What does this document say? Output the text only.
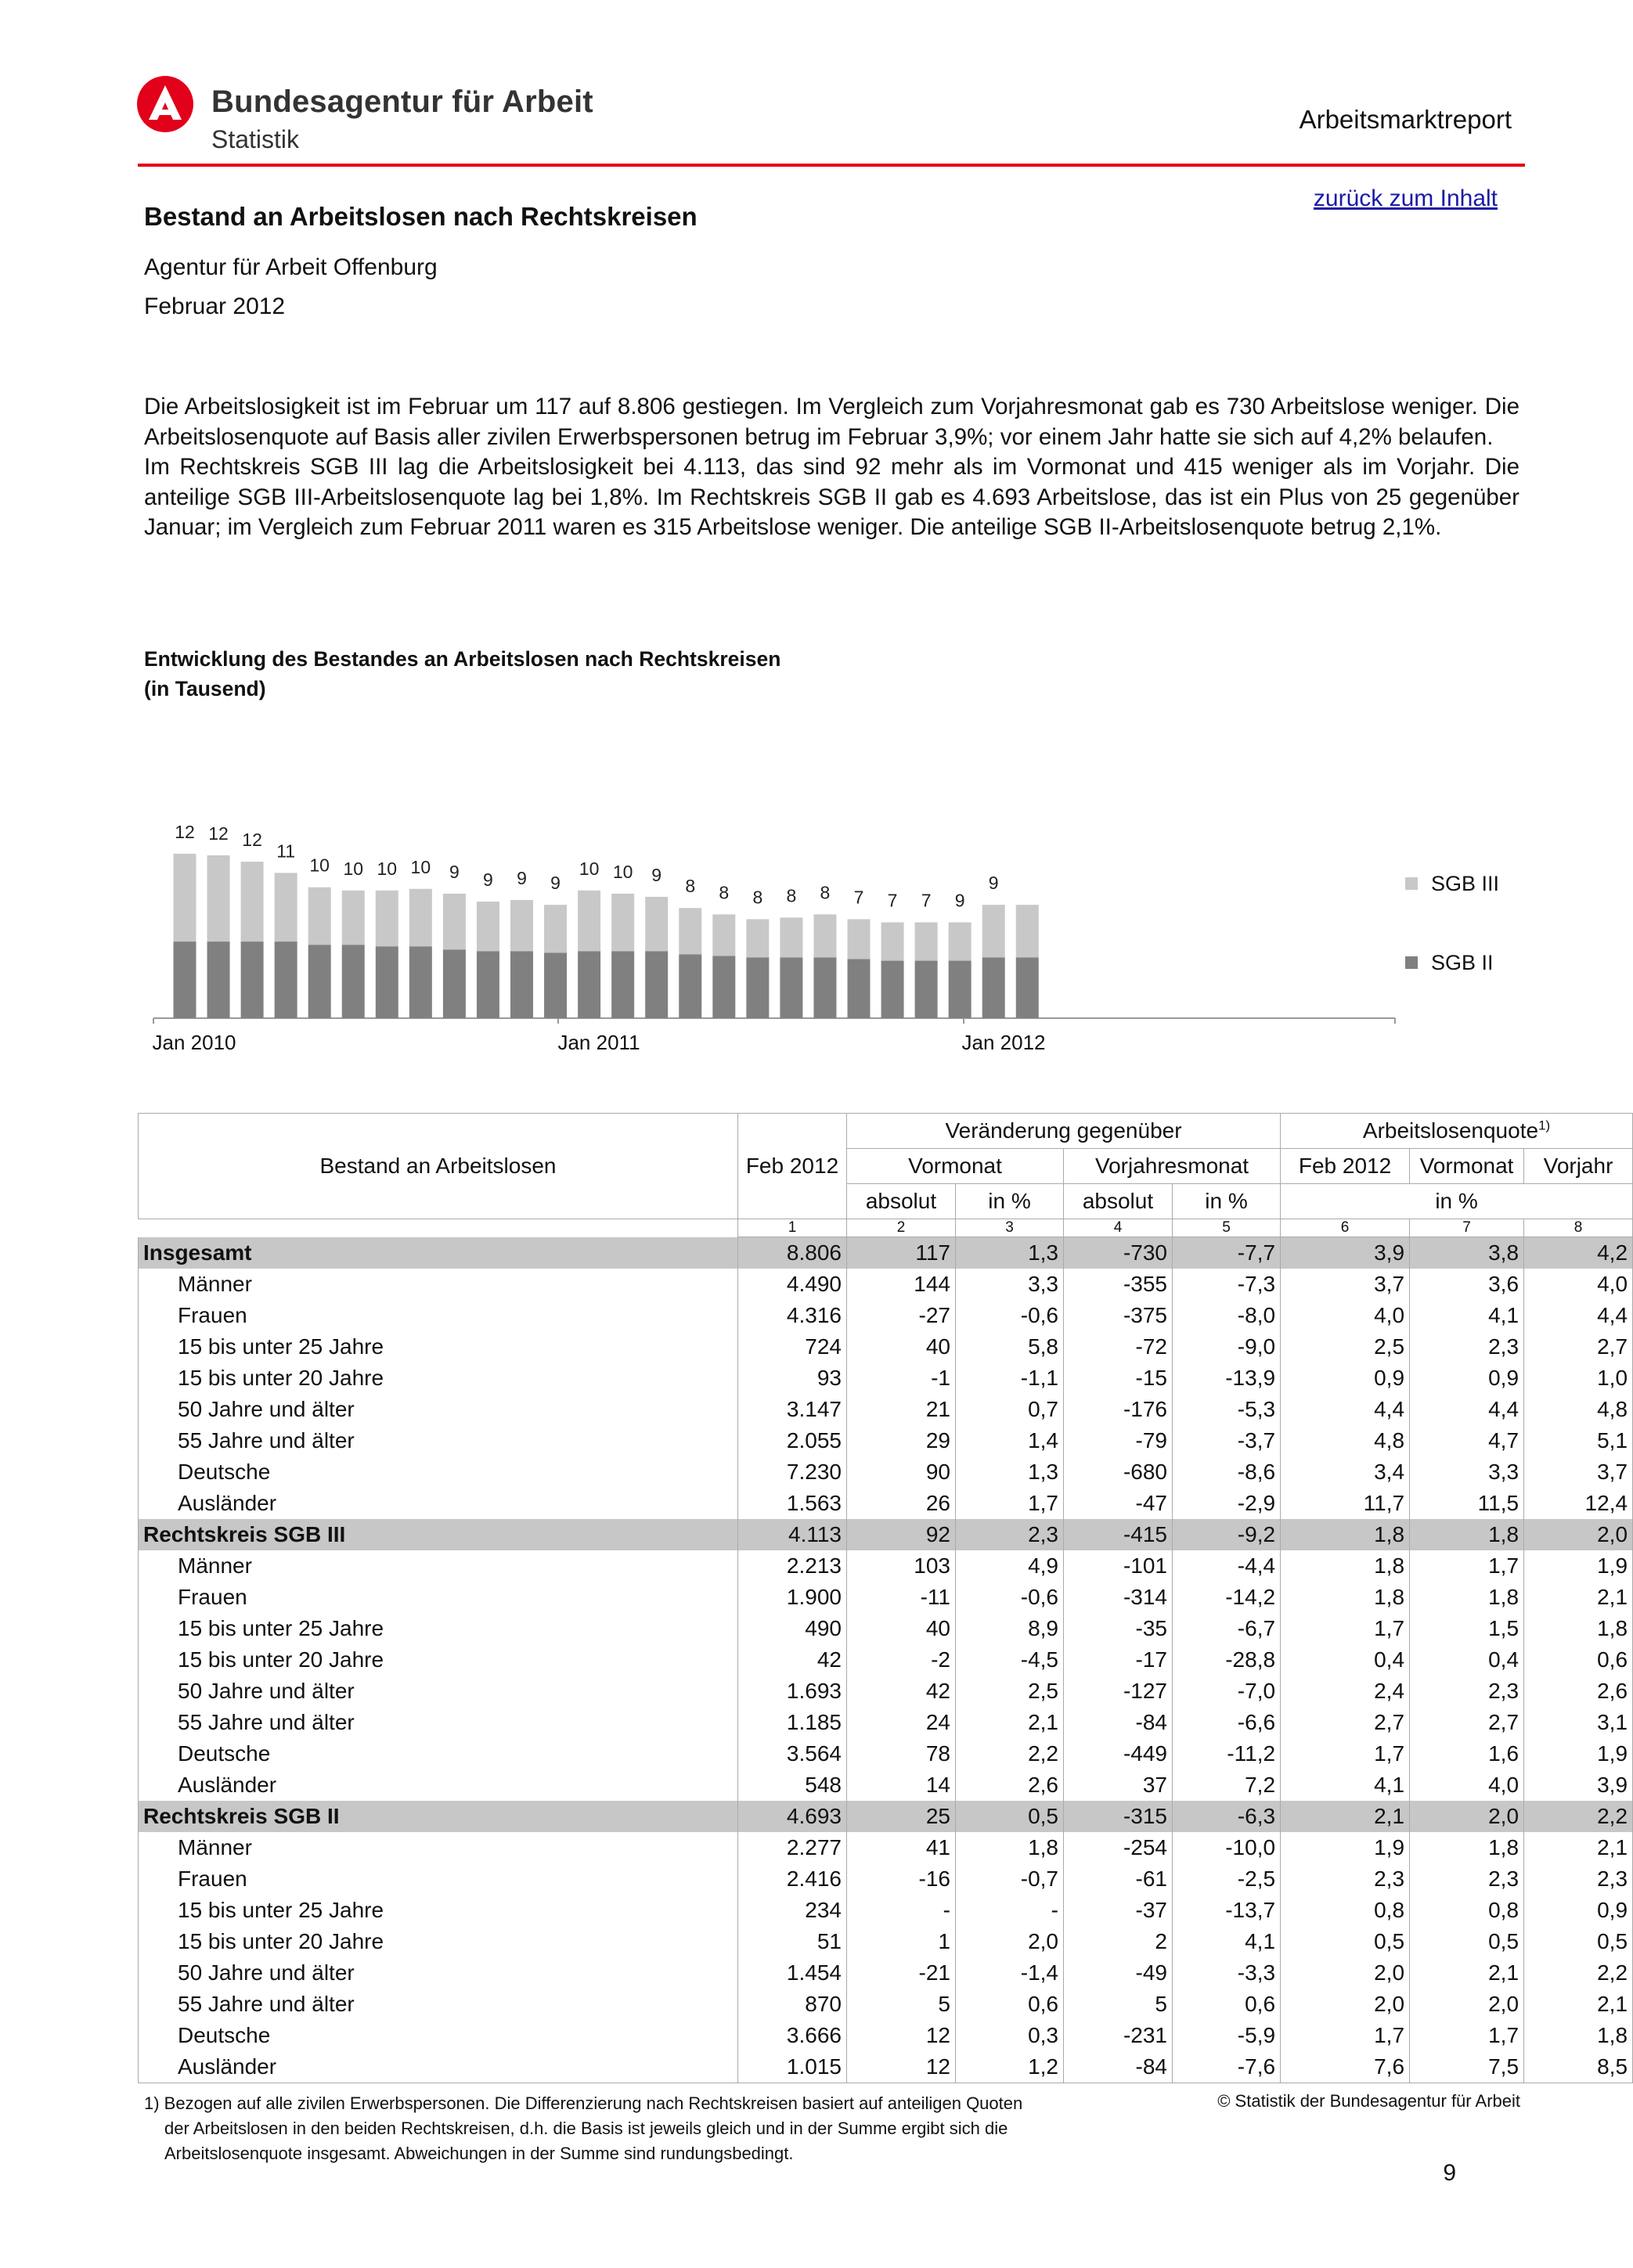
Bundesagentur für Arbeit
Statistik
Arbeitsmarktreport
zurück zum Inhalt
Bestand an Arbeitslosen nach Rechtskreisen
Agentur für Arbeit Offenburg
Februar 2012

Die Arbeitslosigkeit ist im Februar um 117 auf 8.806 gestiegen. Im Vergleich zum Vorjahresmonat gab es 730 Arbeitslose weniger. Die Arbeitslosenquote auf Basis aller zivilen Erwerbspersonen betrug im Februar 3,9%; vor einem Jahr hatte sie sich auf 4,2% belaufen.

Im Rechtskreis SGB III lag die Arbeitslosigkeit bei 4.113, das sind 92 mehr als im Vormonat und 415 weniger als im Vorjahr. Die anteilige SGB III-Arbeitslosenquote lag bei 1,8%. Im Rechtskreis SGB II gab es 4.693 Arbeitslose, das ist ein Plus von 25 gegenüber Januar; im Vergleich zum Februar 2011 waren es 315 Arbeitslose weniger. Die anteilige SGB II-Arbeitslosenquote betrug 2,1%.

Entwicklung des Bestandes an Arbeitslosen nach Rechtskreisen
(in Tausend)
12 12 12
11
10 10 10 10 9 9 9 9
10 10 9
8 8 8 8 8 7 7 7 9
9
Jan 2010	Jan 2011	Jan 2012
SGB III
SGB II
Bestand an Arbeitslosen	Feb 2012	Veränderung gegenüber				Arbeitslosenquote$^{1)}$
		Vormonat		Vorjahresmonat		Feb 2012	Vormonat	Vorjahr
		absolut	in %	absolut	in %	in %		
	1	2	3	4	5	6	7	8
Insgesamt	8.806	117	1,3	-730	-7,7	3,9	3,8	4,2
Männer	4.490	144	3,3	-355	-7,3	3,7	3,6	4,0
Frauen	4.316	-27	-0,6	-375	-8,0	4,0	4,1	4,4
15 bis unter 25 Jahre	724	40	5,8	-72	-9,0	2,5	2,3	2,7
15 bis unter 20 Jahre	93	-1	-1,1	-15	-13,9	0,9	0,9	1,0
50 Jahre und älter	3.147	21	0,7	-176	-5,3	4,4	4,4	4,8
55 Jahre und älter	2.055	29	1,4	-79	-3,7	4,8	4,7	5,1
Deutsche	7.230	90	1,3	-680	-8,6	3,4	3,3	3,7
Ausländer	1.563	26	1,7	-47	-2,9	11,7	11,5	12,4
Rechtskreis SGB III	4.113	92	2,3	-415	-9,2	1,8	1,8	2,0
Männer	2.213	103	4,9	-101	-4,4	1,8	1,7	1,9
Frauen	1.900	-11	-0,6	-314	-14,2	1,8	1,8	2,1
15 bis unter 25 Jahre	490	40	8,9	-35	-6,7	1,7	1,5	1,8
15 bis unter 20 Jahre	42	-2	-4,5	-17	-28,8	0,4	0,4	0,6
50 Jahre und älter	1.693	42	2,5	-127	-7,0	2,4	2,3	2,6
55 Jahre und älter	1.185	24	2,1	-84	-6,6	2,7	2,7	3,1
Deutsche	3.564	78	2,2	-449	-11,2	1,7	1,6	1,9
Ausländer	548	14	2,6	37	7,2	4,1	4,0	3,9
Rechtskreis SGB II	4.693	25	0,5	-315	-6,3	2,1	2,0	2,2
Männer	2.277	41	1,8	-254	-10,0	1,9	1,8	2,1
Frauen	2.416	-16	-0,7	-61	-2,5	2,3	2,3	2,3
15 bis unter 25 Jahre	234	-	-	-37	-13,7	0,8	0,8	0,9
15 bis unter 20 Jahre	51	1	2,0	2	4,1	0,5	0,5	0,5
50 Jahre und älter	1.454	-21	-1,4	-49	-3,3	2,0	2,1	2,2
55 Jahre und älter	870	5	0,6	5	0,6	2,0	2,0	2,1
Deutsche	3.666	12	0,3	-231	-5,9	1,7	1,7	1,8
Ausländer	1.015	12	1,2	-84	-7,6	7,6	7,5	8,5
1) Bezogen auf alle zivilen Erwerbspersonen. Die Differenzierung nach Rechtskreisen basiert auf anteiligen Quoten
der Arbeitslosen in den beiden Rechtskreisen, d.h. die Basis ist jeweils gleich und in der Summe ergibt sich die
Arbeitslosenquote insgesamt. Abweichungen in der Summe sind rundungsbedingt.
© Statistik der Bundesagentur für Arbeit
9
